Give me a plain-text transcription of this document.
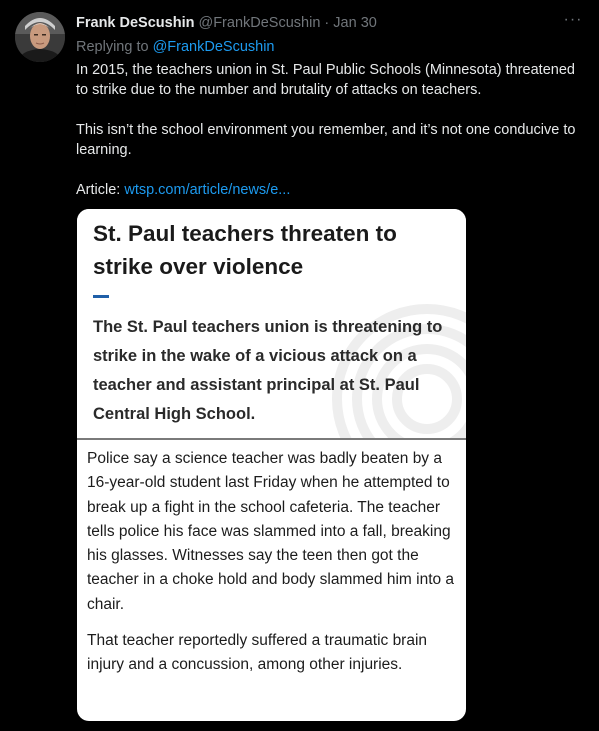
Frank DeScushin @FrankDeScushin · Jan 30	···
Replying to @FrankDeScushin

In 2015, the teachers union in St. Paul Public Schools (Minnesota) threatened to strike due to the number and brutality of attacks on teachers.

This isn’t the school environment you remember, and it’s not one conducive to learning.

Article: wtsp.com/article/news/e...

St. Paul teachers threaten to strike over violence
The St. Paul teachers union is threatening to strike in the wake of a vicious attack on a teacher and assistant principal at St. Paul Central High School.

Police say a science teacher was badly beaten by a 16-year-old student last Friday when he attempted to break up a fight in the school cafeteria. The teacher tells police his face was slammed into a fall, breaking his glasses. Witnesses say the teen then got the teacher in a choke hold and body slammed him into a chair.

That teacher reportedly suffered a traumatic brain injury and a concussion, among other injuries.
